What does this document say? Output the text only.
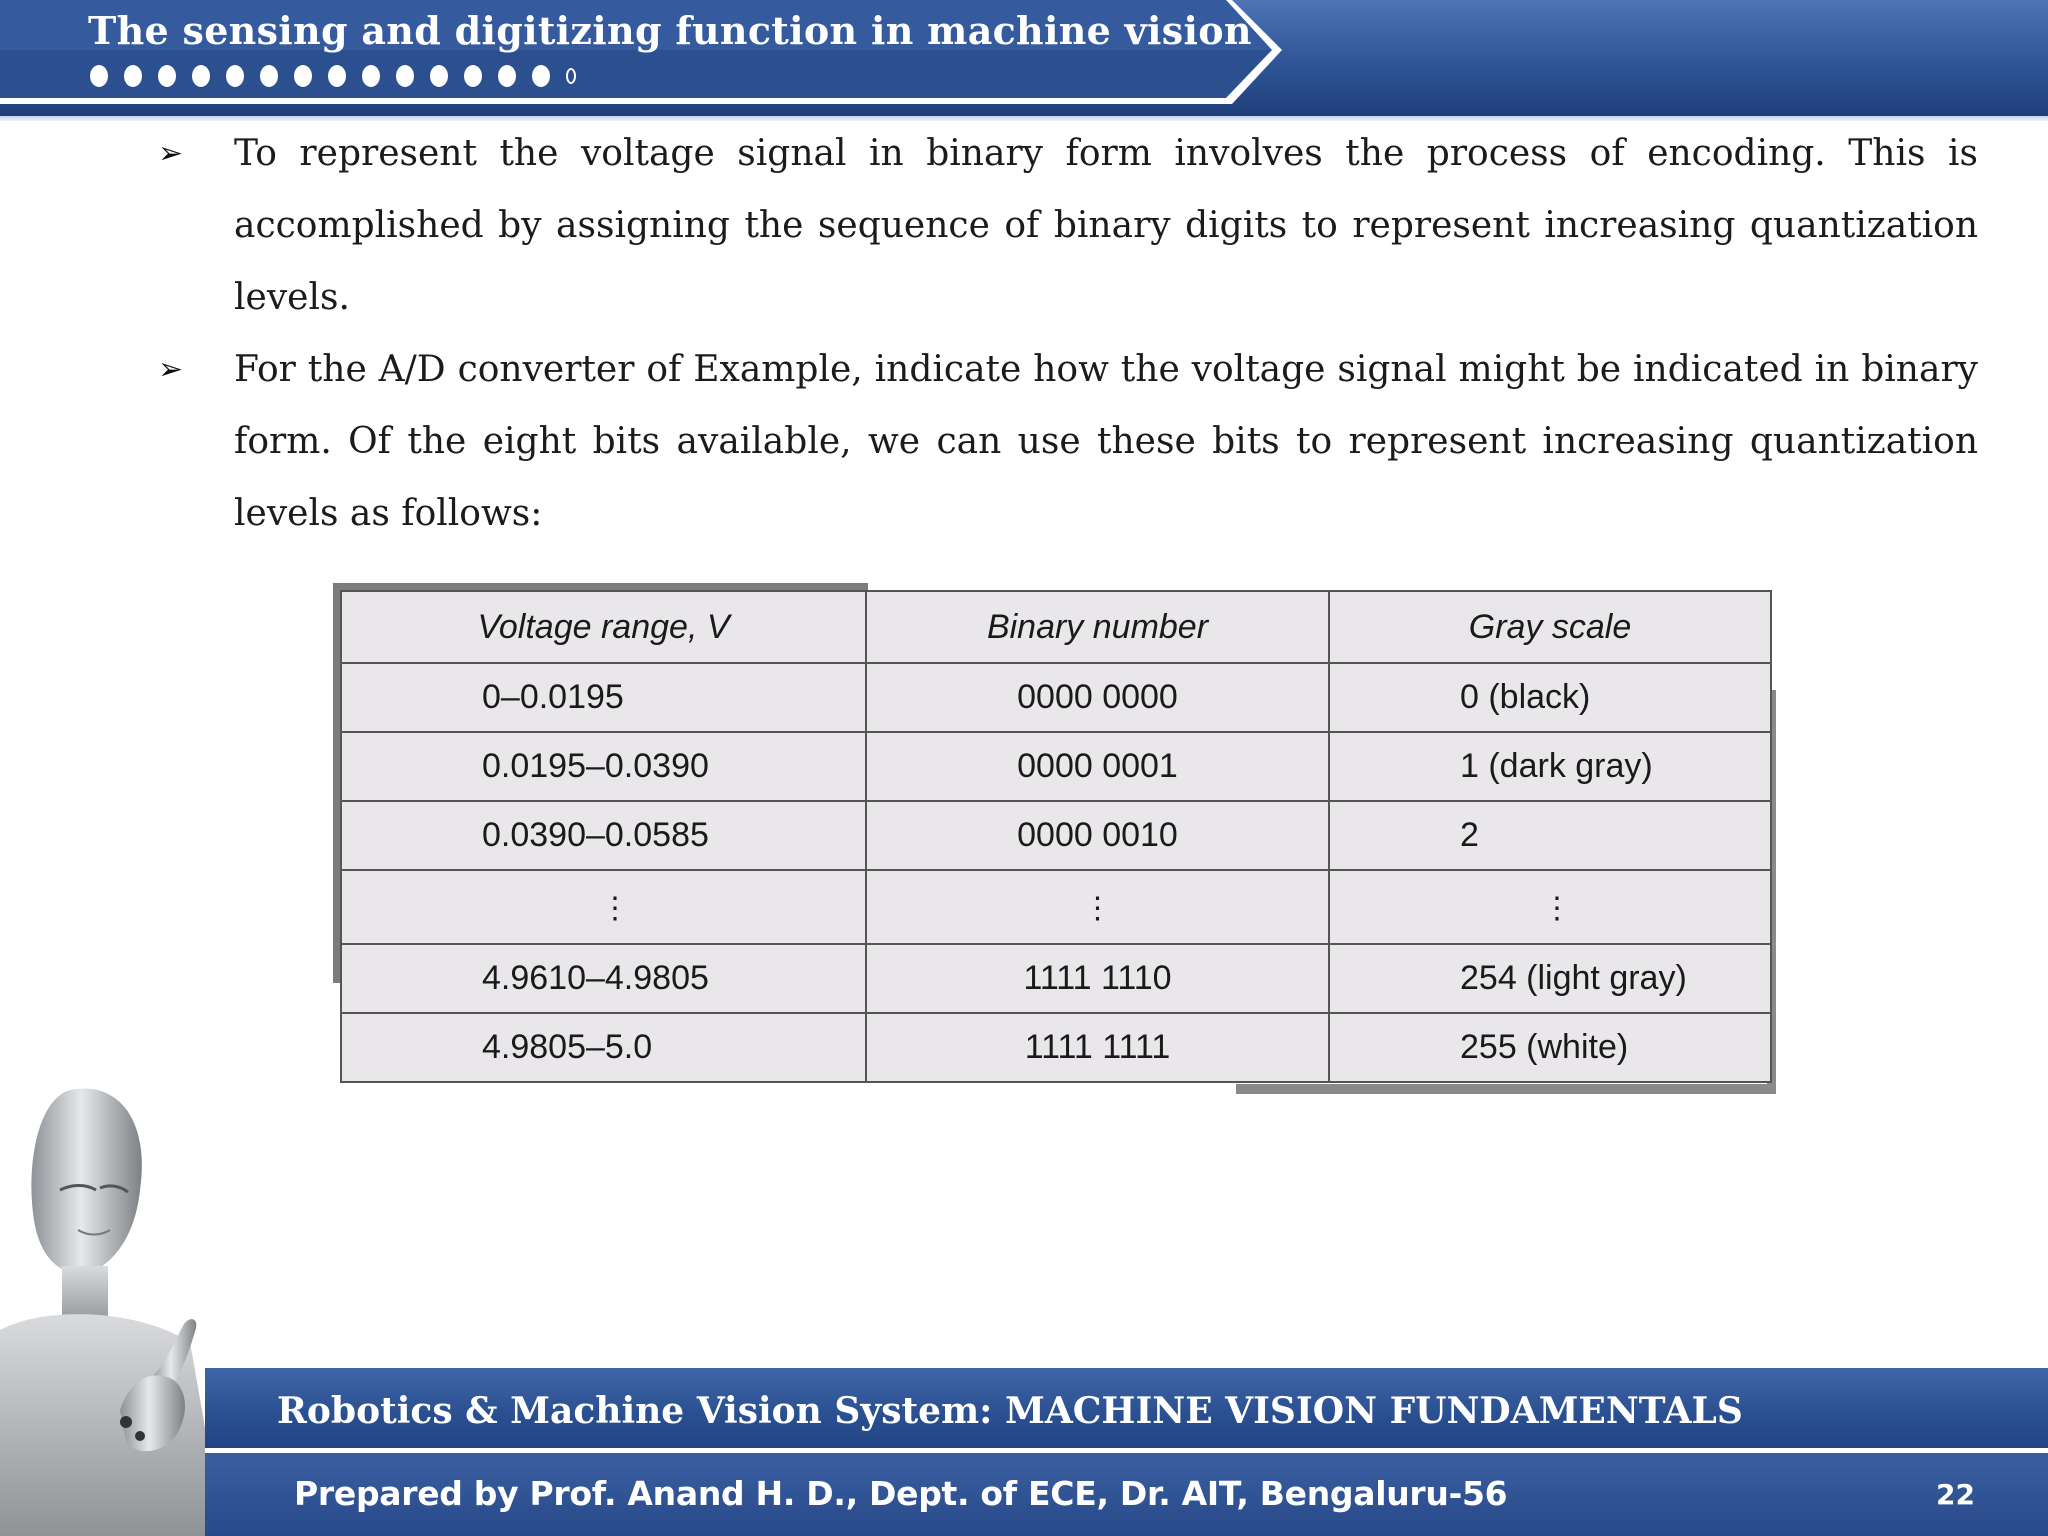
The sensing and digitizing function in machine vision
➢ To represent the voltage signal in binary form involves the process of encoding. This is accomplished by assigning the sequence of binary digits to represent increasing quantization levels.
➢ For the A/D converter of Example, indicate how the voltage signal might be indicated in binary form. Of the eight bits available, we can use these bits to represent increasing quantization levels as follows:
Voltage range, V	Binary number	Gray scale
0–0.0195	0000 0000	0 (black)
0.0195–0.0390	0000 0001	1 (dark gray)
0.0390–0.0585	0000 0010	2
⋮	⋮	⋮
4.9610–4.9805	1111 1110	254 (light gray)
4.9805–5.0	1111 1111	255 (white)

Robotics & Machine Vision System: MACHINE VISION FUNDAMENTALS

Prepared by Prof. Anand H. D., Dept. of ECE, Dr. AIT, Bengaluru-56	22
